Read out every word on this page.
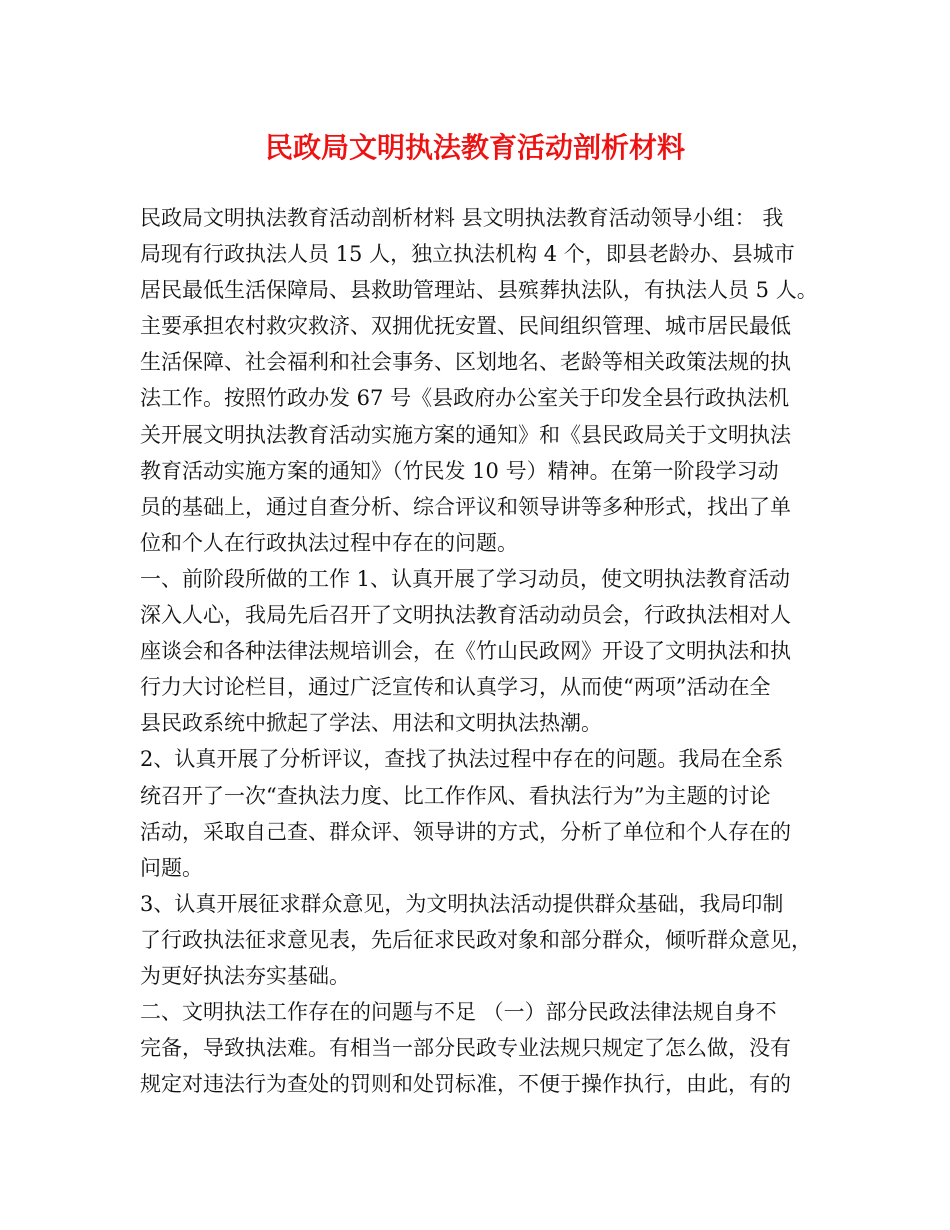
民政局文明执法教育活动剖析材料
民政局文明执法教育活动剖析材料 县文明执法教育活动领导小组： 我
局现有行政执法人员 15 人，独立执法机构 4 个，即县老龄办、县城市
居民最低生活保障局、县救助管理站、县殡葬执法队，有执法人员 5 人。
主要承担农村救灾救济、双拥优抚安置、民间组织管理、城市居民最低
生活保障、社会福利和社会事务、区划地名、老龄等相关政策法规的执
法工作。按照竹政办发 67 号《县政府办公室关于印发全县行政执法机
关开展文明执法教育活动实施方案的通知》和《县民政局关于文明执法
教育活动实施方案的通知》（竹民发 10 号）精神。在第一阶段学习动
员的基础上，通过自查分析、综合评议和领导讲等多种形式，找出了单
位和个人在行政执法过程中存在的问题。
一、前阶段所做的工作 1、认真开展了学习动员，使文明执法教育活动
深入人心，我局先后召开了文明执法教育活动动员会，行政执法相对人
座谈会和各种法律法规培训会，在《竹山民政网》开设了文明执法和执
行力大讨论栏目，通过广泛宣传和认真学习，从而使“两项”活动在全
县民政系统中掀起了学法、用法和文明执法热潮。
2、认真开展了分析评议，查找了执法过程中存在的问题。我局在全系
统召开了一次“查执法力度、比工作作风、看执法行为”为主题的讨论
活动，采取自己查、群众评、领导讲的方式，分析了单位和个人存在的
问题。
3、认真开展征求群众意见，为文明执法活动提供群众基础，我局印制
了行政执法征求意见表，先后征求民政对象和部分群众，倾听群众意见，
为更好执法夯实基础。
二、文明执法工作存在的问题与不足 （一）部分民政法律法规自身不
完备，导致执法难。有相当一部分民政专业法规只规定了怎么做，没有
规定对违法行为查处的罚则和处罚标准，不便于操作执行，由此，有的
